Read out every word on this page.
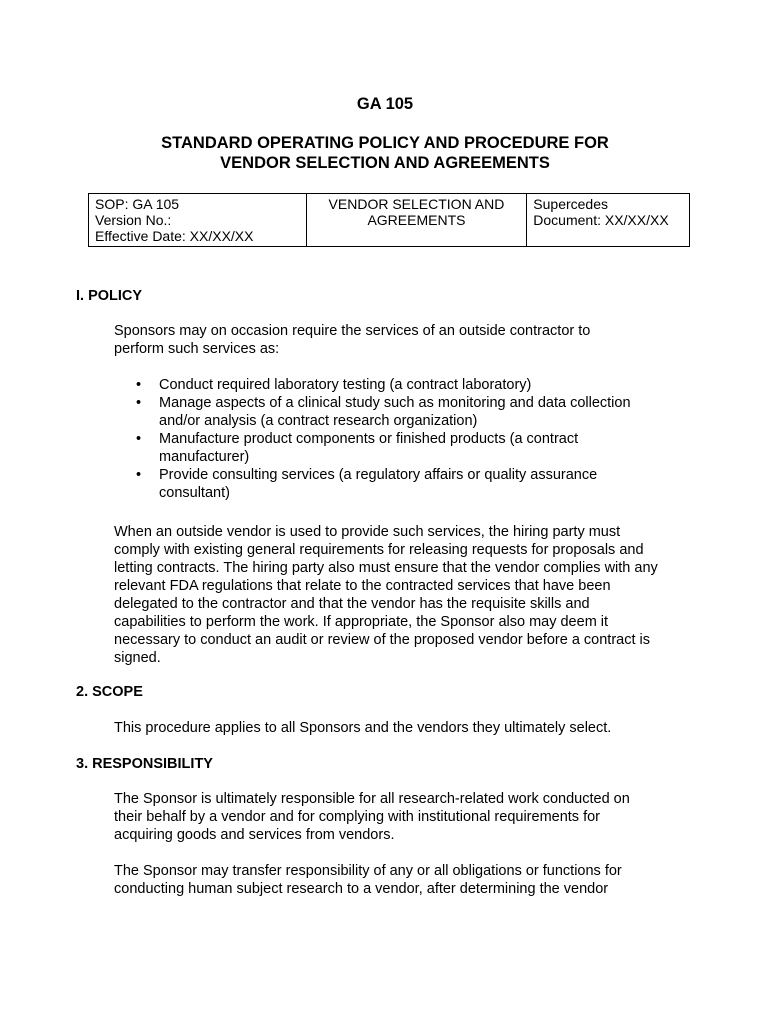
GA 105
STANDARD OPERATING POLICY AND PROCEDURE FOR
VENDOR SELECTION AND AGREEMENTS
SOP: GA 105
Version No.:
Effective Date: XX/XX/XX

VENDOR SELECTION AND
AGREEMENTS

Supercedes
Document: XX/XX/XX
I. POLICY

Sponsors may on occasion require the services of an outside contractor to perform such services as:

• Conduct required laboratory testing (a contract laboratory)
• Manage aspects of a clinical study such as monitoring and data collection and/or analysis (a contract research organization)
• Manufacture product components or finished products (a contract manufacturer)
• Provide consulting services (a regulatory affairs or quality assurance consultant)

When an outside vendor is used to provide such services, the hiring party must comply with existing general requirements for releasing requests for proposals and letting contracts. The hiring party also must ensure that the vendor complies with any relevant FDA regulations that relate to the contracted services that have been delegated to the contractor and that the vendor has the requisite skills and capabilities to perform the work. If appropriate, the Sponsor also may deem it necessary to conduct an audit or review of the proposed vendor before a contract is signed.

2. SCOPE

This procedure applies to all Sponsors and the vendors they ultimately select.

3. RESPONSIBILITY

The Sponsor is ultimately responsible for all research-related work conducted on their behalf by a vendor and for complying with institutional requirements for acquiring goods and services from vendors.

The Sponsor may transfer responsibility of any or all obligations or functions for conducting human subject research to a vendor, after determining the vendor
